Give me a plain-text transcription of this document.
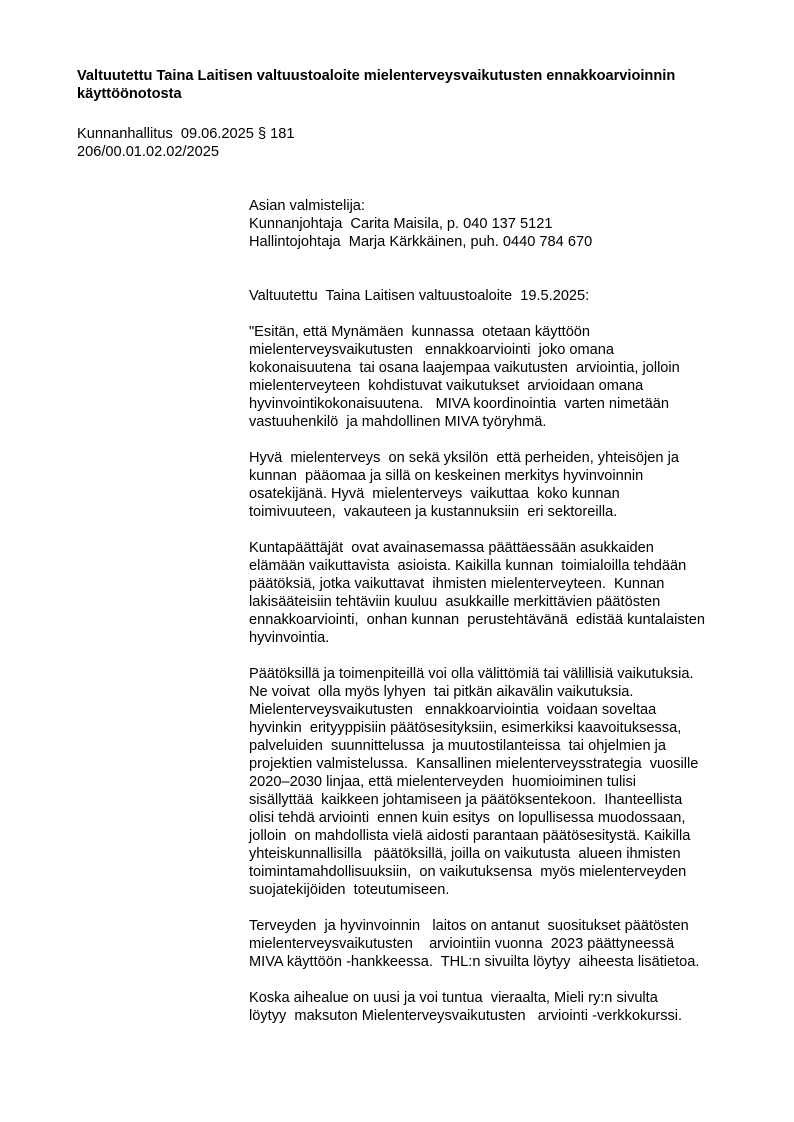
Valtuutettu Taina Laitisen valtuustoaloite mielenterveysvaikutusten ennakkoarvioinnin
käyttöönotosta
Kunnanhallitus  09.06.2025 § 181
206/00.01.02.02/2025
Asian valmistelija:
Kunnanjohtaja  Carita Maisila, p. 040 137 5121
Hallintojohtaja  Marja Kärkkäinen, puh. 0440 784 670
Valtuutettu  Taina Laitisen valtuustoaloite  19.5.2025:
"Esitän, että Mynämäen  kunnassa  otetaan käyttöön
mielenterveysvaikutusten   ennakkoarviointi  joko omana
kokonaisuutena  tai osana laajempaa vaikutusten  arviointia, jolloin
mielenterveyteen  kohdistuvat vaikutukset  arvioidaan omana
hyvinvointikokonaisuutena.   MIVA koordinointia  varten nimetään
vastuuhenkilö  ja mahdollinen MIVA työryhmä.
Hyvä  mielenterveys  on sekä yksilön  että perheiden, yhteisöjen ja
kunnan  pääomaa ja sillä on keskeinen merkitys hyvinvoinnin
osatekijänä. Hyvä  mielenterveys  vaikuttaa  koko kunnan
toimivuuteen,  vakauteen ja kustannuksiin  eri sektoreilla.
Kuntapäättäjät  ovat avainasemassa päättäessään asukkaiden
elämään vaikuttavista  asioista. Kaikilla kunnan  toimialoilla tehdään
päätöksiä, jotka vaikuttavat  ihmisten mielenterveyteen.  Kunnan
lakisääteisiin tehtäviin kuuluu  asukkaille merkittävien päätösten
ennakkoarviointi,  onhan kunnan  perustehtävänä  edistää kuntalaisten
hyvinvointia.
Päätöksillä ja toimenpiteillä voi olla välittömiä tai välillisiä vaikutuksia.
Ne voivat  olla myös lyhyen  tai pitkän aikavälin vaikutuksia.
Mielenterveysvaikutusten   ennakkoarviointia  voidaan soveltaa
hyvinkin  erityyppisiin päätösesityksiin, esimerkiksi kaavoituksessa,
palveluiden  suunnittelussa  ja muutostilanteissa  tai ohjelmien ja
projektien valmistelussa.  Kansallinen mielenterveysstrategia  vuosille
2020–2030 linjaa, että mielenterveyden  huomioiminen tulisi
sisällyttää  kaikkeen johtamiseen ja päätöksentekoon.  Ihanteellista
olisi tehdä arviointi  ennen kuin esitys  on lopullisessa muodossaan,
jolloin  on mahdollista vielä aidosti parantaan päätösesitystä. Kaikilla
yhteiskunnallisilla   päätöksillä, joilla on vaikutusta  alueen ihmisten
toimintamahdollisuuksiin,  on vaikutuksensa  myös mielenterveyden
suojatekijöiden  toteutumiseen.
Terveyden  ja hyvinvoinnin   laitos on antanut  suositukset päätösten
mielenterveysvaikutusten    arviointiin vuonna  2023 päättyneessä
MIVA käyttöön -hankkeessa.  THL:n sivuilta löytyy  aiheesta lisätietoa.
Koska aihealue on uusi ja voi tuntua  vieraalta, Mieli ry:n sivulta
löytyy  maksuton Mielenterveysvaikutusten   arviointi -verkkokurssi.
